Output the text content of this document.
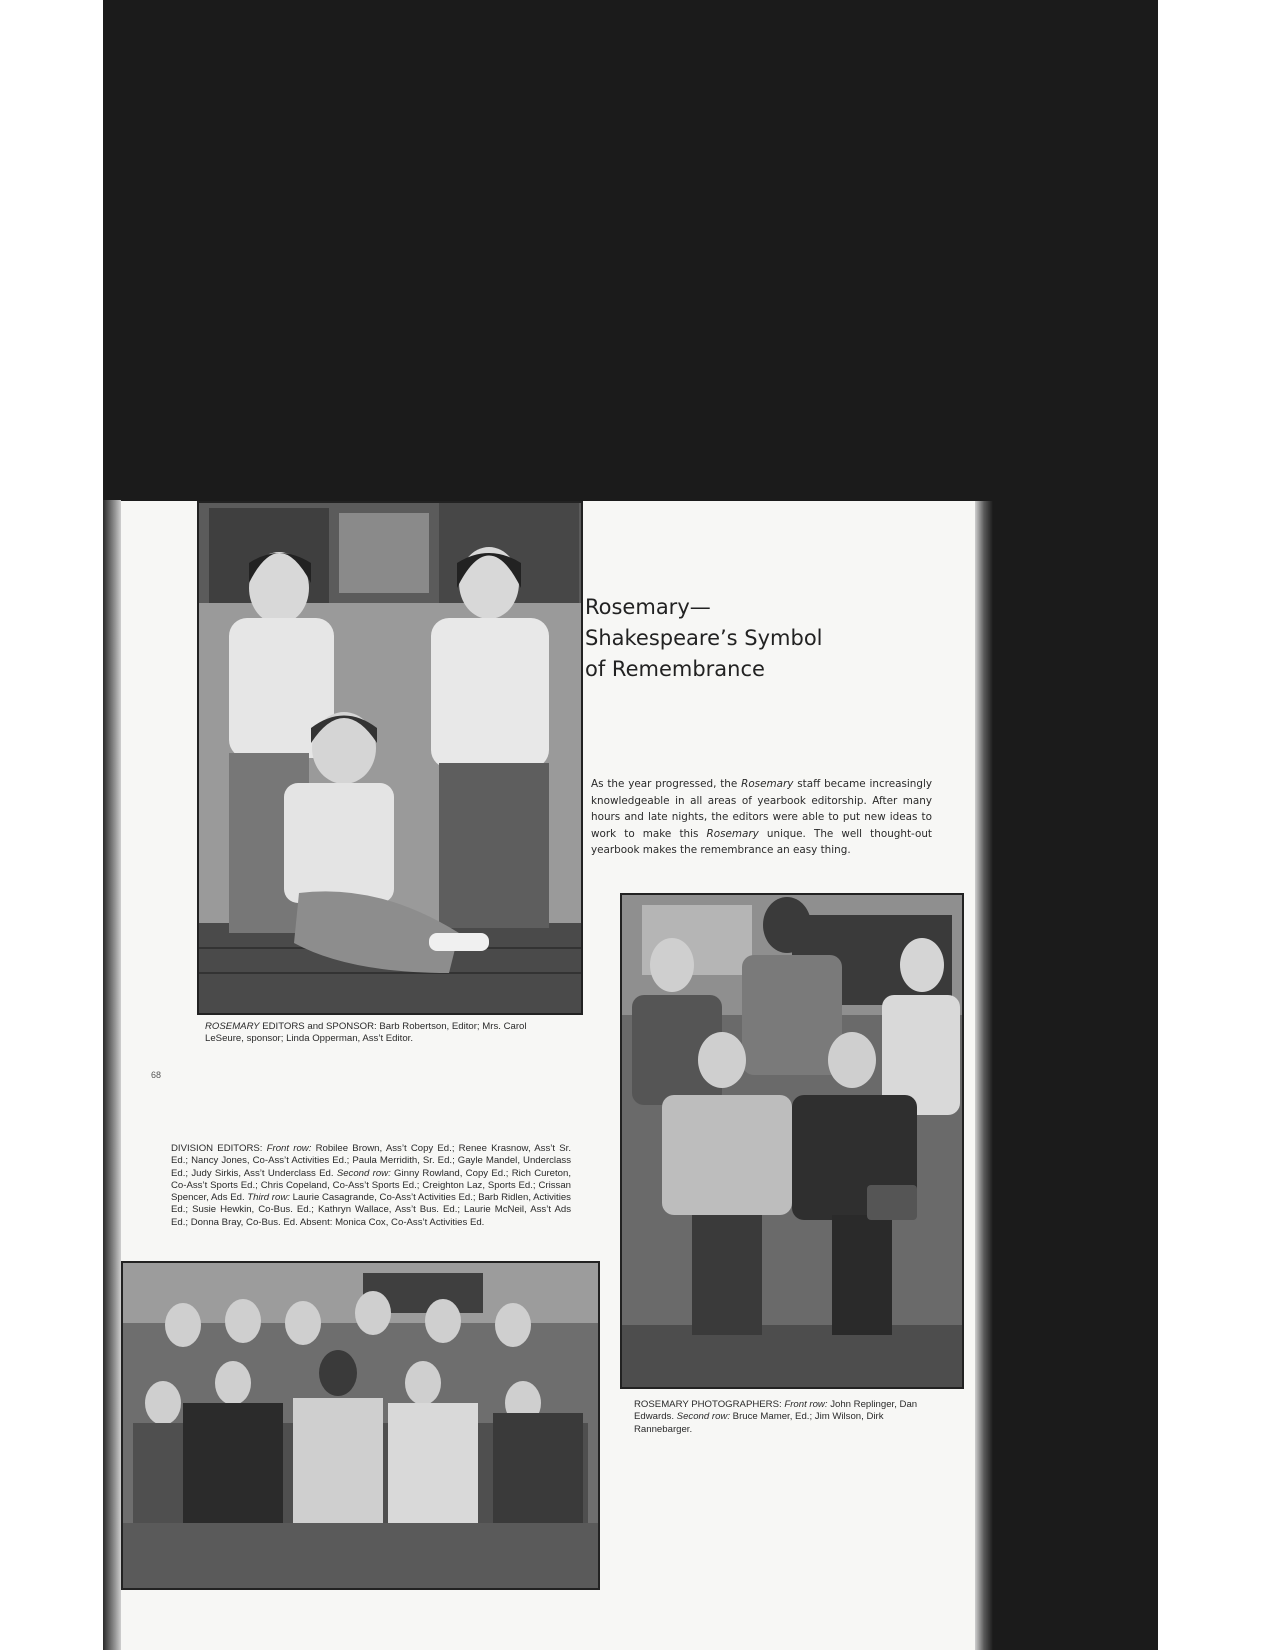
Rosemary—
Shakespeare’s Symbol
of Remembrance

As the year progressed, the Rosemary staff became increasingly knowledgeable in all areas of yearbook editorship. After many hours and late nights, the editors were able to put new ideas to work to make this Rosemary unique. The well thought-out yearbook makes the remembrance an easy thing.

ROSEMARY EDITORS and SPONSOR: Barb Robertson, Editor; Mrs. Carol LeSeure, sponsor; Linda Opperman, Ass’t Editor.

68

ROSEMARY PHOTOGRAPHERS: Front row: John Replinger, Dan Edwards. Second row: Bruce Mamer, Ed.; Jim Wilson, Dirk Rannebarger.

DIVISION EDITORS: Front row: Robilee Brown, Ass’t Copy Ed.; Renee Krasnow, Ass’t Sr. Ed.; Nancy Jones, Co-Ass’t Activities Ed.; Paula Merridith, Sr. Ed.; Gayle Mandel, Underclass Ed.; Judy Sirkis, Ass’t Underclass Ed. Second row: Ginny Rowland, Copy Ed.; Rich Cureton, Co-Ass’t Sports Ed.; Chris Copeland, Co-Ass’t Sports Ed.; Creighton Laz, Sports Ed.; Crissan Spencer, Ads Ed. Third row: Laurie Casagrande, Co-Ass’t Activities Ed.; Barb Ridlen, Activities Ed.; Susie Hewkin, Co-Bus. Ed.; Kathryn Wallace, Ass’t Bus. Ed.; Laurie McNeil, Ass’t Ads Ed.; Donna Bray, Co-Bus. Ed. Absent: Monica Cox, Co-Ass’t Activities Ed.
